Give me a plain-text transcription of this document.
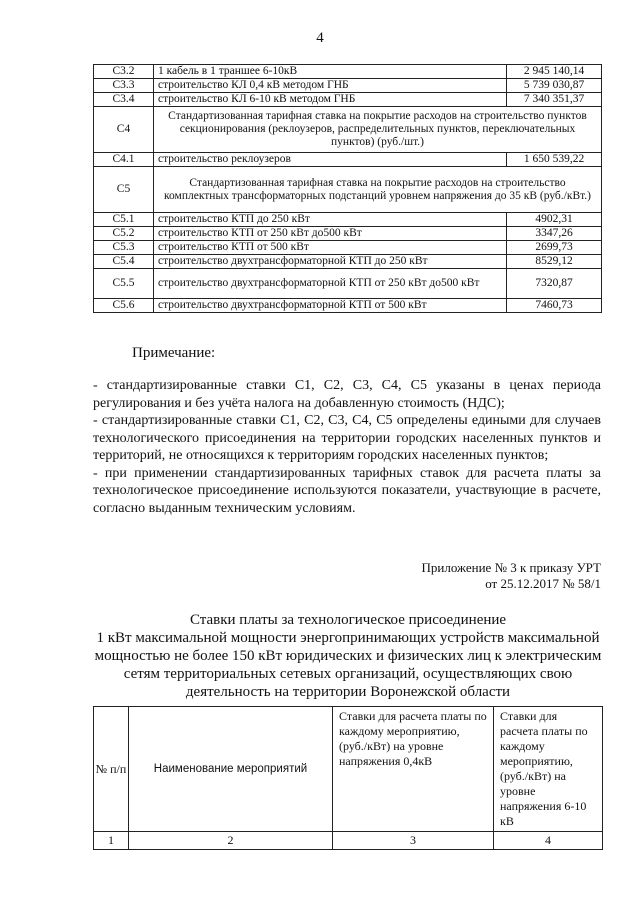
4
С3.2	1 кабель в 1 траншее 6-10кВ	2 945 140,14
С3.3	строительство КЛ 0,4 кВ методом ГНБ	5 739 030,87
С3.4	строительство КЛ 6-10 кВ методом ГНБ	7 340 351,37
С4	Стандартизованная тарифная ставка на покрытие расходов на строительство пунктов секционирования (реклоузеров, распределительных пунктов, переключательных пунктов) (руб./шт.)	
С4.1	строительство реклоузеров	1 650 539,22
С5	Стандартизованная тарифная ставка на покрытие расходов на строительство комплектных трансформаторных подстанций уровнем напряжения до 35 кВ (руб./кВт.)	
С5.1	строительство КТП до 250 кВт	4902,31
С5.2	строительство КТП от 250 кВт до500 кВт	3347,26
С5.3	строительство КТП от 500 кВт	2699,73
С5.4	строительство двухтрансформаторной КТП до 250 кВт	8529,12
С5.5	строительство двухтрансформаторной КТП от 250 кВт до500 кВт	7320,87
С5.6	строительство двухтрансформаторной КТП от 500 кВт	7460,73
Примечание:

- стандартизированные ставки С1, С2, С3, С4, С5 указаны в ценах периода регулирования и без учёта налога на добавленную стоимость (НДС);

- стандартизированные ставки С1, С2, С3, С4, С5 определены едиными для случаев технологического присоединения на территории городских населенных пунктов и территорий, не относящихся к территориям городских населенных пунктов;

- при применении стандартизированных тарифных ставок для расчета платы за технологическое присоединение используются показатели, участвующие в расчете, согласно выданным техническим условиям.

Приложение № 3 к приказу УРТ
от 25.12.2017 № 58/1
Ставки платы за технологическое присоединение
1 кВт максимальной мощности энергопринимающих устройств максимальной
мощностью не более 150 кВт юридических и физических лиц к электрическим
сетям территориальных сетевых организаций, осуществляющих свою
деятельность на территории Воронежской области
№ п/п	Наименование мероприятий	Ставки для расчета платы по каждому мероприятию, (руб./кВт) на уровне напряжения 0,4кВ	Ставки для расчета платы по каждому мероприятию, (руб./кВт) на уровне напряжения 6-10 кВ
1	2	3	4
